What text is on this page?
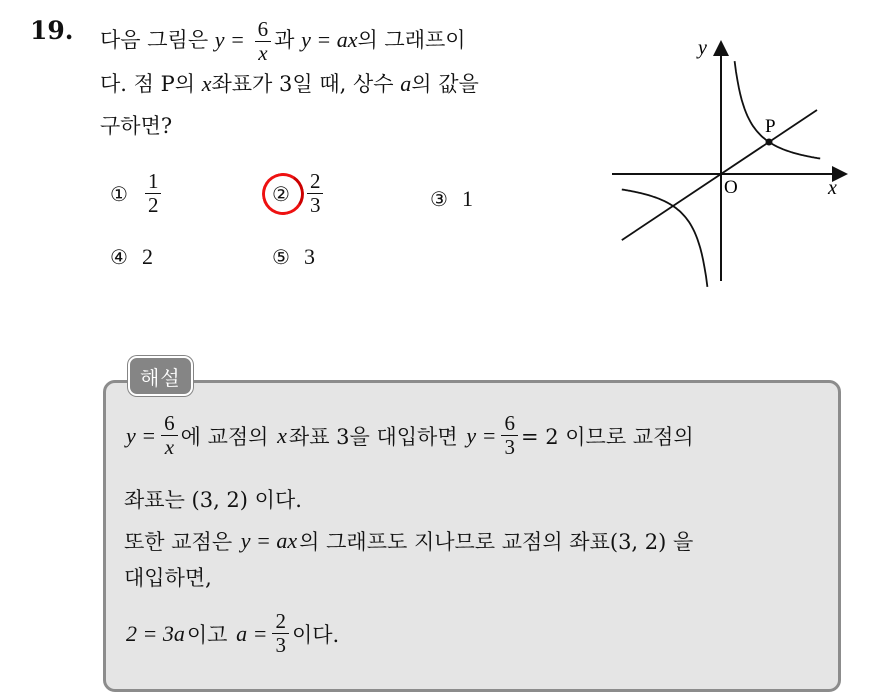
19. 다음 그림은 $y = \frac{6}{x}$ 과 y = ax의 그래프이
다. 점 P의 x좌표가 3일 때, 상수 a의 값을
구하면?
① $\frac{1}{2}$	② $\frac{2}{3}$	③ 1
④ 2	⑤ 3
y
x
O
P
해설
$y = \frac{6}{x}$ 에 교점의
x 좌표 3을 대입하면
$y = \frac{6}{3} = 2$ 이므로 교점의
좌표는 (3, 2) 이다.
또한 교점은
y = ax 의 그래프도 지나므로 교점의 좌표(3, 2) 을
대입하면,
2 = 3a 이고
$a = \frac{2}{3}$ 이다.
